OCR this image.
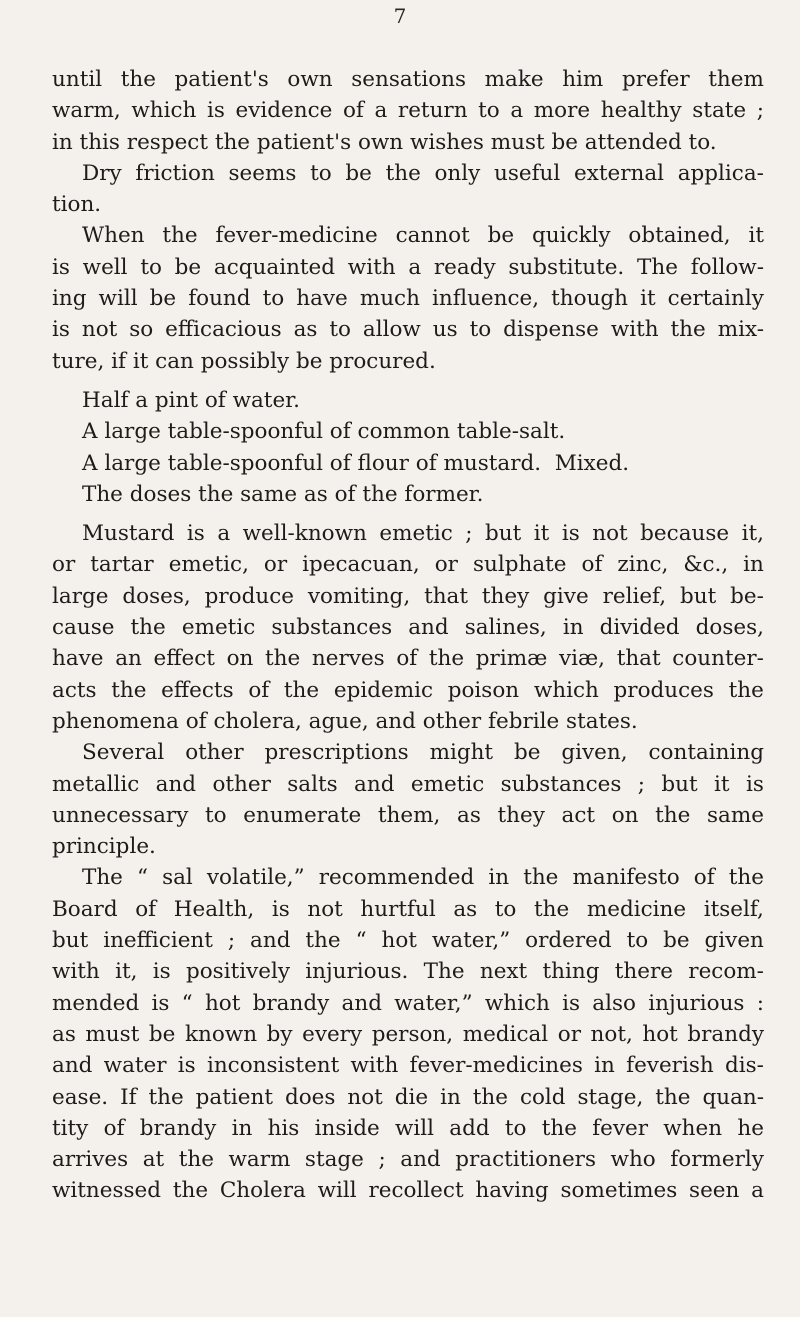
7
until the patient's own sensations make him prefer them
warm, which is evidence of a return to a more healthy state ;
in this respect the patient's own wishes must be attended to.
Dry friction seems to be the only useful external applica-
tion.
When the fever-medicine cannot be quickly obtained, it
is well to be acquainted with a ready substitute. The follow-
ing will be found to have much influence, though it certainly
is not so efficacious as to allow us to dispense with the mix-
ture, if it can possibly be procured.
Half a pint of water.
A large table-spoonful of common table-salt.
A large table-spoonful of flour of mustard.  Mixed.
The doses the same as of the former.
Mustard is a well-known emetic ; but it is not because it,
or tartar emetic, or ipecacuan, or sulphate of zinc, &c., in
large doses, produce vomiting, that they give relief, but be-
cause the emetic substances and salines, in divided doses,
have an effect on the nerves of the primæ viæ, that counter-
acts the effects of the epidemic poison which produces the
phenomena of cholera, ague, and other febrile states.
Several other prescriptions might be given, containing
metallic and other salts and emetic substances ; but it is
unnecessary to enumerate them, as they act on the same
principle.
The “ sal volatile,” recommended in the manifesto of the
Board of Health, is not hurtful as to the medicine itself,
but inefficient ; and the “ hot water,” ordered to be given
with it, is positively injurious. The next thing there recom-
mended is “ hot brandy and water,” which is also injurious :
as must be known by every person, medical or not, hot brandy
and water is inconsistent with fever-medicines in feverish dis-
ease. If the patient does not die in the cold stage, the quan-
tity of brandy in his inside will add to the fever when he
arrives at the warm stage ; and practitioners who formerly
witnessed the Cholera will recollect having sometimes seen a
